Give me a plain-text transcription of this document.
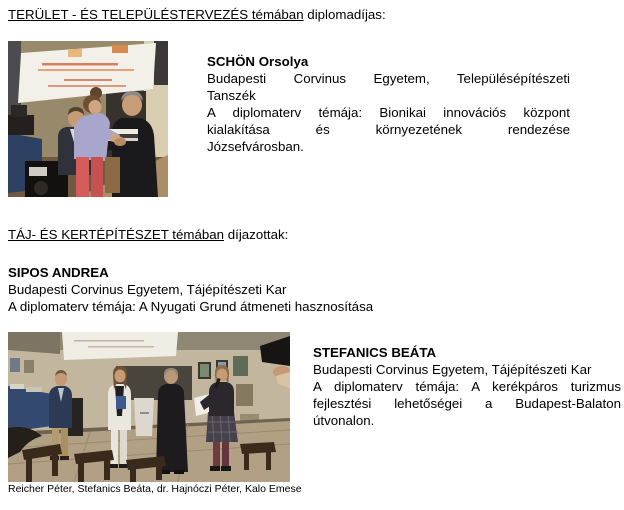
TERÜLET - ÉS TELEPÜLÉSTERVEZÉS témában diplomadíjas:
SCHÖN Orsolya
Budapesti Corvinus Egyetem, Településépítészeti
Tanszék
A diplomaterv témája: Bionikai innovációs központ
kialakítása és környezetének rendezése
Józsefvárosban.
TÁJ- ÉS KERTÉPÍTÉSZET témában díjazottak:
SIPOS ANDREA
Budapesti Corvinus Egyetem, Tájépítészeti Kar
A diplomaterv témája: A Nyugati Grund átmeneti hasznosítása
STEFANICS BEÁTA
Budapesti Corvinus Egyetem, Tájépítészeti Kar
A diplomaterv témája: A kerékpáros turizmus
fejlesztési lehetőségei a Budapest-Balaton
útvonalon.
Reicher Péter, Stefanics Beáta, dr. Hajnóczi Péter, Kalo Emese
